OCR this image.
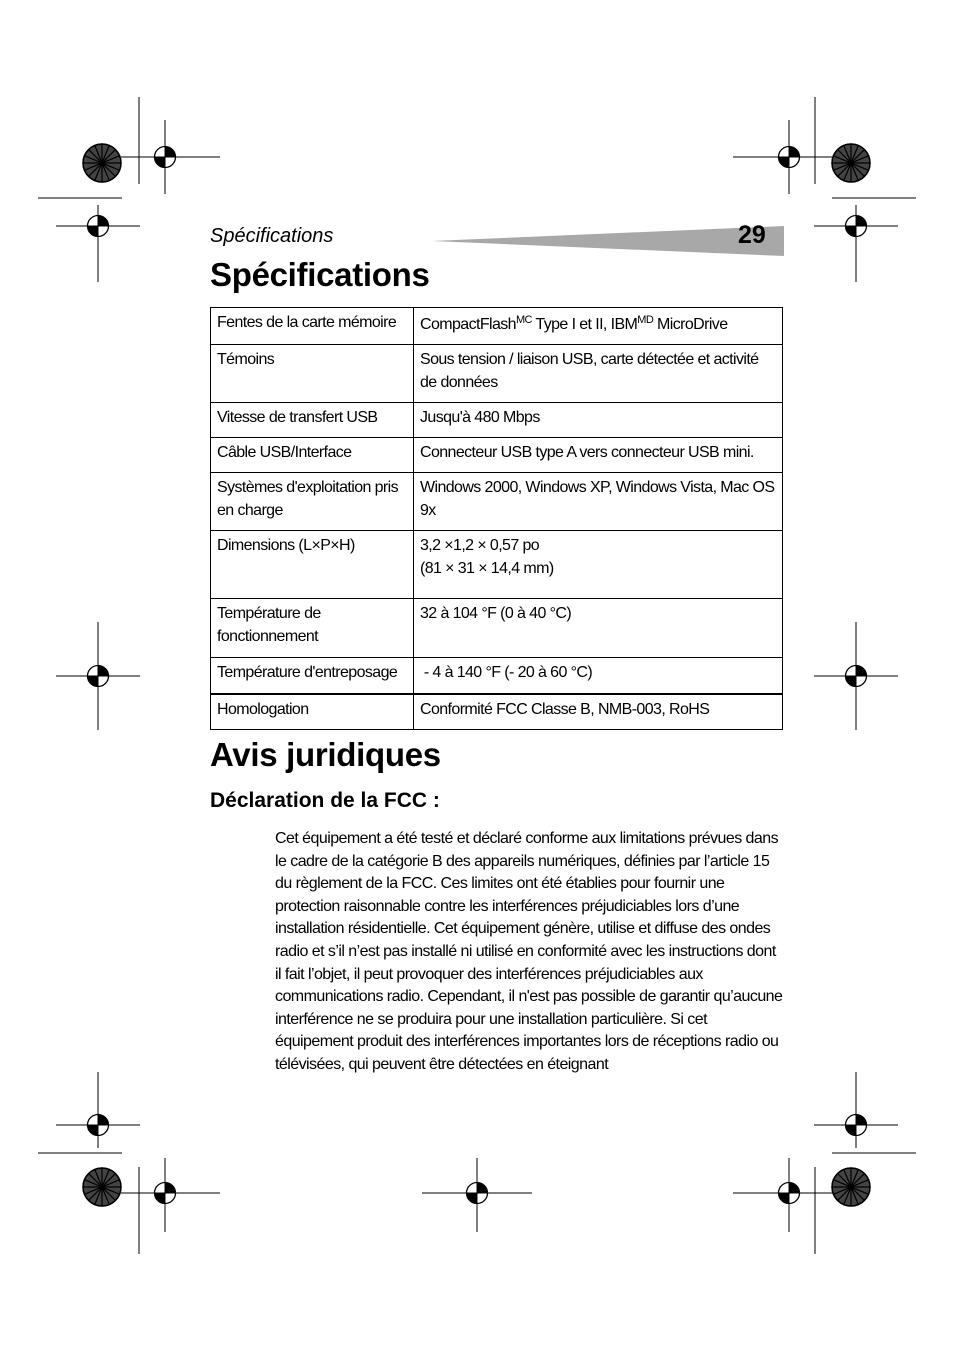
Spécifications	29
Spécifications
Fentes de la carte mémoire	CompactFlash$^{MC}$ Type I et II, $IBM^{MD}$ MicroDrive
Témoins	Sous tension / liaison USB, carte détectée et activité de données
Vitesse de transfert USB	Jusqu'à 480 Mbps
Câble USB/Interface	Connecteur USB type A vers connecteur USB mini.
Systèmes d'exploitation pris en charge	Windows 2000, Windows XP, Windows Vista, Mac OS 9x
Dimensions (L×P×H)	3,2 ×1,2 × 0,57 po
(81 × 31 × 14,4 mm)

Température de fonctionnement	32 à 104 °F (0 à 40 °C)
Température d'entreposage	- 4 à 140 °F (- 20 à 60 °C)
Homologation	Conformité FCC Classe B, NMB-003, RoHS
Avis juridiques
Déclaration de la FCC :

Cet équipement a été testé et déclaré conforme aux limitations prévues dans le cadre de la catégorie B des appareils numériques, définies par l’article 15 du règlement de la FCC. Ces limites ont été établies pour fournir une protection raisonnable contre les interférences préjudiciables lors d’une installation résidentielle. Cet équipement génère, utilise et diffuse des ondes radio et s’il n’est pas installé ni utilisé en conformité avec les instructions dont il fait l’objet, il peut provoquer des interférences préjudiciables aux communications radio. Cependant, il n'est pas possible de garantir qu’aucune interférence ne se produira pour une installation particulière. Si cet équipement produit des interférences importantes lors de réceptions radio ou télévisées, qui peuvent être détectées en éteignant
